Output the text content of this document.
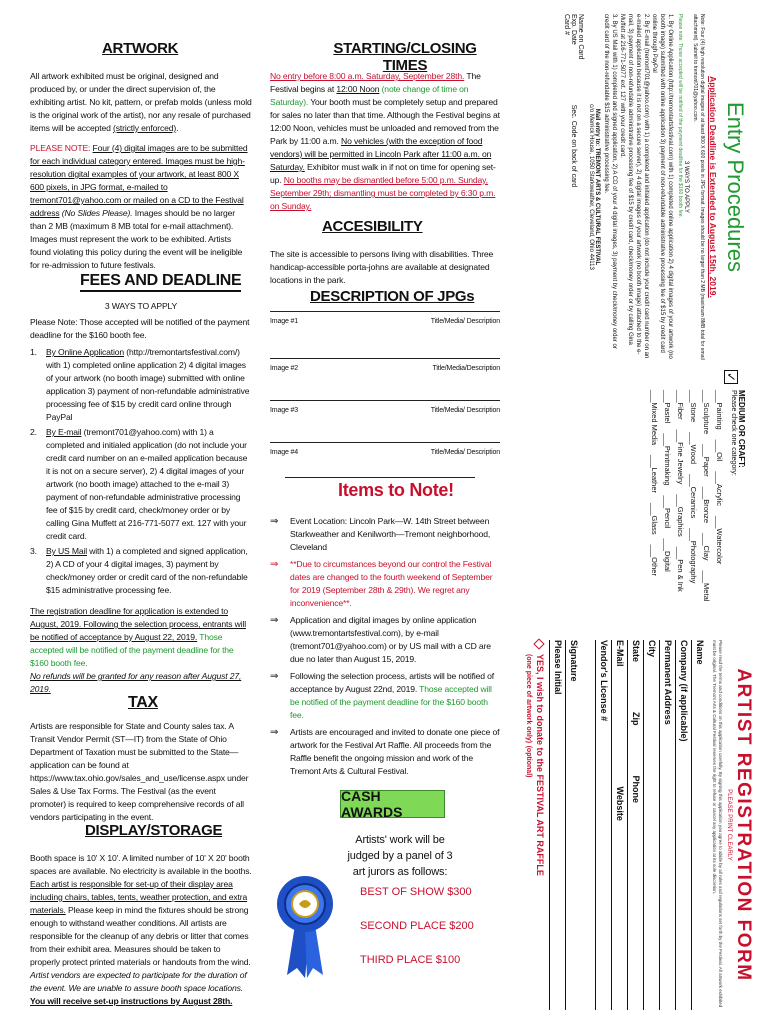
ARTWORK
All artwork exhibited must be original, designed and produced by, or under the direct supervision of, the exhibiting artist. No kit, pattern, or prefab molds (unless mold is the original work of the artist), nor any resale of purchased items will be accepted (strictly enforced).
PLEASE NOTE: Four (4) digital images are to be submitted for each individual category entered. Images must be high-resolution digital examples of your artwork, at least 800 X 600 pixels, in JPG format, e-mailed to tremont701@yahoo.com or mailed on a CD to the Festival address (No Slides Please). Images should be no larger than 2 MB (maximum 8 MB total for e-mail attachment). Images must represent the work to be exhibited. Artists found violating this policy during the event will be ineligible for re-admission to future festivals.
FEES AND DEADLINE
3 WAYS TO APPLY
Please Note: Those accepted will be notified of the payment deadline for the $160 booth fee.
1. By Online Application (http://tremontartsfestival.com/) with 1) completed online application 2) 4 digital images of your artwork (no booth image) submitted with online application 3) payment of non-refundable administrative processing fee of $15 by credit card online through PayPal
2. By E-mail (tremont701@yahoo.com) with 1) a completed and initialed application (do not include your credit card number on an e-mailed application because it is not on a secure server), 2) 4 digital images of your artwork (no booth image) attached to the e-mail 3) payment of non-refundable administrative processing fee of $15 by credit card, check/money order or by calling Gina Muffett at 216-771-5077 ext. 127 with your credit card.
3. By US Mail with 1) a completed and signed application, 2) A CD of your 4 digital images, 3) payment by check/money order or credit card of the non-refundable $15 administrative processing fee.
The registration deadline for application is extended to August, 2019. Following the selection process, entrants will be notified of acceptance by August 22, 2019. Those accepted will be notified of the payment deadline for the $160 booth fee.
No refunds will be granted for any reason after August 27, 2019.
TAX
Artists are responsible for State and County sales tax. A Transit Vendor Permit (ST—IT) from the State of Ohio Department of Taxation must be submitted to the State—application can be found at https://www.tax.ohio.gov/sales_and_use/license.aspx under Sales & Use Tax Forms. The Festival (as the event promoter) is required to keep comprehensive records of all vendors participating in the event.
DISPLAY/STORAGE
Booth space is 10' X 10'. A limited number of 10' X 20' booth spaces are available. No electricity is available in the booths. Each artist is responsible for set-up of their display area including chairs, tables, tents, weather protection, and extra materials. Please keep in mind the fixtures should be strong enough to withstand weather conditions. All artists are responsible for the cleanup of any debris or litter that comes from their exhibit area. Measures should be taken to properly protect printed materials or handouts from the wind. Artist vendors are expected to participate for the duration of the event. We are unable to assure booth space locations. You will receive set-up instructions by August 28th.
STARTING/CLOSING TIMES
No entry before 8:00 a.m. Saturday, September 28th. The Festival begins at 12:00 Noon (note change of time on Saturday). Your booth must be completely setup and prepared for sales no later than that time. Although the Festival begins at 12:00 Noon, vehicles must be unloaded and removed from the Park by 11:00 a.m. No vehicles (with the exception of food vendors) will be permitted in Lincoln Park after 11:00 a.m. on Saturday. Exhibitor must walk in if not on time for opening set-up. No booths may be dismantled before 5:00 p.m. Sunday, September 29th; dismantling must be completed by 6:30 p.m. on Sunday.
ACCESIBILITY
The site is accessible to persons living with disabilities. Three handicap-accessible porta-johns are available at designated locations in the park.
DESCRIPTION OF JPGs
Image #1	Title/Media/ Description
Image #2	Title/Media/Description
Image #3	Title/Media/ Description
Image #4	Title/Media/ Description
Items to Note!
⇒ Event Location: Lincoln Park—W. 14th Street between Starkweather and Kenilworth—Tremont neighborhood, Cleveland
⇒ **Due to circumstances beyond our control the Festival dates are changed to the fourth weekend of September for 2019 (September 28th & 29th). We regret any inconvenience**.
⇒ Application and digital images by online application (www.tremontartsfestival.com), by e-mail (tremont701@yahoo.com) or by US mail with a CD are due no later than August 15, 2019.
⇒ Following the selection process, artists will be notified of acceptance by August 22nd, 2019. Those accepted will be notified of the payment deadline for the $160 booth fee.
⇒ Artists are encouraged and invited to donate one piece of artwork for the Festival Art Raffle. All proceeds from the Raffle benefit the ongoing mission and work of the Tremont Arts & Cultural Festival.
CASH AWARDS
Artists' work will be judged by a panel of 3 art jurors as follows:
BEST OF SHOW $300
SECOND PLACE $200
THIRD PLACE $100
Entry Procedures
Application Deadline is Extended to August 15th, 2019.
Note: Four (4) high resolution digital images of at least 800 X 600 pixels in JPG format. Images should be no larger than 2 MB (maximum 8MB total for email attachment). Submit to tremont701@yahoo.com.
3 WAYS TO APPLY
Please note: Those accepted will be notified of the payment deadline for the $160 booth fee.
1. By Online Application (http://tremontartsfestival.com) with 1) completed online application 2) 4 digital images of your artwork (no booth image) submitted with online application 3) payment of non-refundable administrative processing fee of $15 by credit card online through PayPal
2. By E-mail (tremont701@yahoo.com) with 1) a completed and initialed application (do not include your credit card number on an e-mailed application because it is not on a secure server), 2) 4 digital images of your artwork (no booth image) attached to the e-mail, 3) payment of non-refundable administrative processing fee of $15 by credit card, check/money order or by calling Gina Muffett at 216-771-5077 ext. 127 with your credit card.
3. By US Mail with 1) completed and signed application, 2) A CD of your 4 digital images, 3) payment by check/money order or credit card of the non-refundable $15 administrative processing fee.
Mail entry to: TREMONT ARTS & CULTURAL FESTIVAL
c/o Merrick House, 1050 Starkweather, Cleveland, Ohio 44113
Name on Card
Exp. Date
Sec. Code on back of card
Card #
✓
MEDIUM OR CRAFT:
Please check one category:
___Painting___Oil___Acrylic___Watercolor___Sculpture___Paper___Bronze___Clay___Metal___Stone___Wood___Ceramics___Photography___Fiber___Fine Jewelry___Graphics___Pen & Ink___Pastel___Printmaking___Pencil___Digital___Mixed Media___Leather___Glass___Other
ARTIST REGISTRATION FORM
PLEASE PRINT CLEARLY
Please read the terms and conditions on this application carefully. By signing this application you agree to abide by all rules and regulations set forth by the Festival. All artwork exhibited must be original. The Tremont Arts & Cultural Festival reserves the right to refuse or cancel any application at its sole discretion.
Name
Company (if applicable)
Permanent Address
City
State
Zip
Phone
E-Mail
Website
Vendor's License #
Signature
Please Initial
YES, I wish to donate to the FESTIVAL ART RAFFLE
(one piece of artwork only) (optional)
